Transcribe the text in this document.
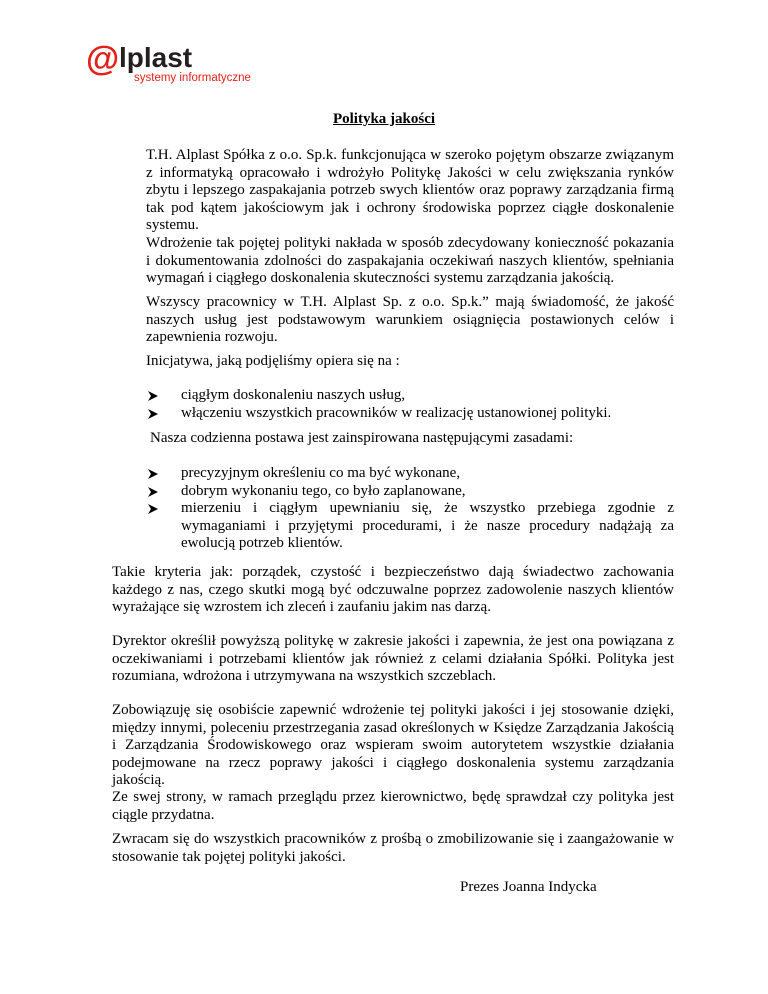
@ lplast
systemy informatyczne
Polityka jakości

T.H. Alplast Spółka z o.o. Sp.k. funkcjonująca w szeroko pojętym obszarze związanym z informatyką opracowało i wdrożyło Politykę Jakości w celu zwiększania rynków zbytu i lepszego zaspakajania potrzeb swych klientów oraz poprawy zarządzania firmą tak pod kątem jakościowym jak i ochrony środowiska poprzez ciągłe doskonalenie systemu.

Wdrożenie tak pojętej polityki nakłada w sposób zdecydowany konieczność pokazania i dokumentowania zdolności do zaspakajania oczekiwań naszych klientów, spełniania wymagań i ciągłego doskonalenia skuteczności systemu zarządzania jakością.

Wszyscy pracownicy w T.H. Alplast Sp. z o.o. Sp.k.” mają świadomość, że jakość naszych usług jest podstawowym warunkiem osiągnięcia postawionych celów i zapewnienia rozwoju.

Inicjatywa, jaką podjęliśmy opiera się na :

ciągłym doskonaleniu naszych usług,
włączeniu wszystkich pracowników w realizację ustanowionej polityki.

Nasza codzienna postawa jest zainspirowana następującymi zasadami:

precyzyjnym określeniu co ma być wykonane,
dobrym wykonaniu tego, co było zaplanowane,
mierzeniu i ciągłym upewnianiu się, że wszystko przebiega zgodnie z wymaganiami i przyjętymi procedurami, i że nasze procedury nadążają za ewolucją potrzeb klientów.

Takie kryteria jak: porządek, czystość i bezpieczeństwo dają świadectwo zachowania każdego z nas, czego skutki mogą być odczuwalne poprzez zadowolenie naszych klientów wyrażające się wzrostem ich zleceń i zaufaniu jakim nas darzą.

Dyrektor określił powyższą politykę w zakresie jakości i zapewnia, że jest ona powiązana z oczekiwaniami i potrzebami klientów jak również z celami działania Spółki. Polityka jest rozumiana, wdrożona i utrzymywana na wszystkich szczeblach.

Zobowiązuję się osobiście zapewnić wdrożenie tej polityki jakości i jej stosowanie dzięki, między innymi, poleceniu przestrzegania zasad określonych w Księdze Zarządzania Jakością i Zarządzania Środowiskowego oraz wspieram swoim autorytetem wszystkie działania podejmowane na rzecz poprawy jakości i ciągłego doskonalenia systemu zarządzania jakością.

Ze swej strony, w ramach przeglądu przez kierownictwo, będę sprawdzał czy polityka jest ciągle przydatna.

Zwracam się do wszystkich pracowników z prośbą o zmobilizowanie się i zaangażowanie w stosowanie tak pojętej polityki jakości.

Prezes Joanna Indycka
